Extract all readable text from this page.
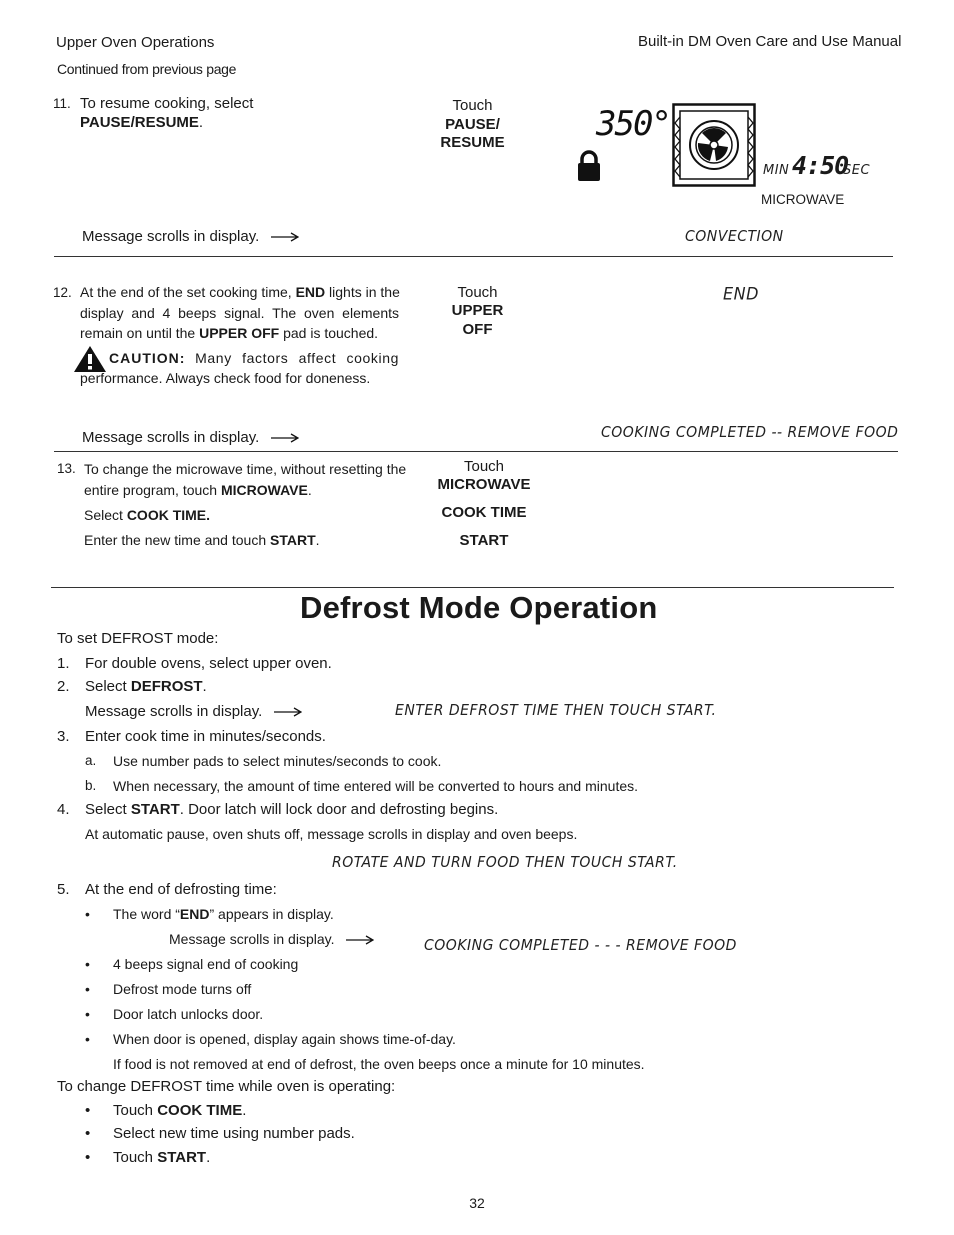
Upper Oven Operations
Continued from previous page
Built-in DM Oven Care and Use Manual
11. To resume cooking, select
PAUSE/RESUME.
Touch
PAUSE/
RESUME	350°
MIN 4:50
SEC
MICROWAVE
Message scrolls in display.	CONVECTION
12. At the end of the set cooking time, END lights in the
display and 4 beeps signal. The oven elements
remain on until the UPPER OFF pad is touched.
CAUTION: Many factors affect cooking
performance. Always check food for doneness.
Touch
UPPER
OFF
END
Message scrolls in display.	COOKING COMPLETED -- REMOVE FOOD
13. To change the microwave time, without resetting the
entire program, touch MICROWAVE.
Select COOK TIME.
Enter the new time and touch START.
Touch
MICROWAVE
COOK TIME
START
Defrost Mode Operation
To set DEFROST mode:
1. For double ovens, select upper oven.
2. Select DEFROST.
Message scrolls in display.	ENTER DEFROST TIME THEN TOUCH START.
3. Enter cook time in minutes/seconds.
a. Use number pads to select minutes/seconds to cook.
b. When necessary, the amount of time entered will be converted to hours and minutes.
4. Select START. Door latch will lock door and defrosting begins.
At automatic pause, oven shuts off, message scrolls in display and oven beeps.
ROTATE AND TURN FOOD THEN TOUCH START.
5. At the end of defrosting time:
• The word “END” appears in display.
Message scrolls in display.	COOKING COMPLETED - - - REMOVE FOOD
• 4 beeps signal end of cooking
• Defrost mode turns off
• Door latch unlocks door.
• When door is opened, display again shows time-of-day.
If food is not removed at end of defrost, the oven beeps once a minute for 10 minutes.
To change DEFROST time while oven is operating:
• Touch COOK TIME.
• Select new time using number pads.
• Touch START.
32
